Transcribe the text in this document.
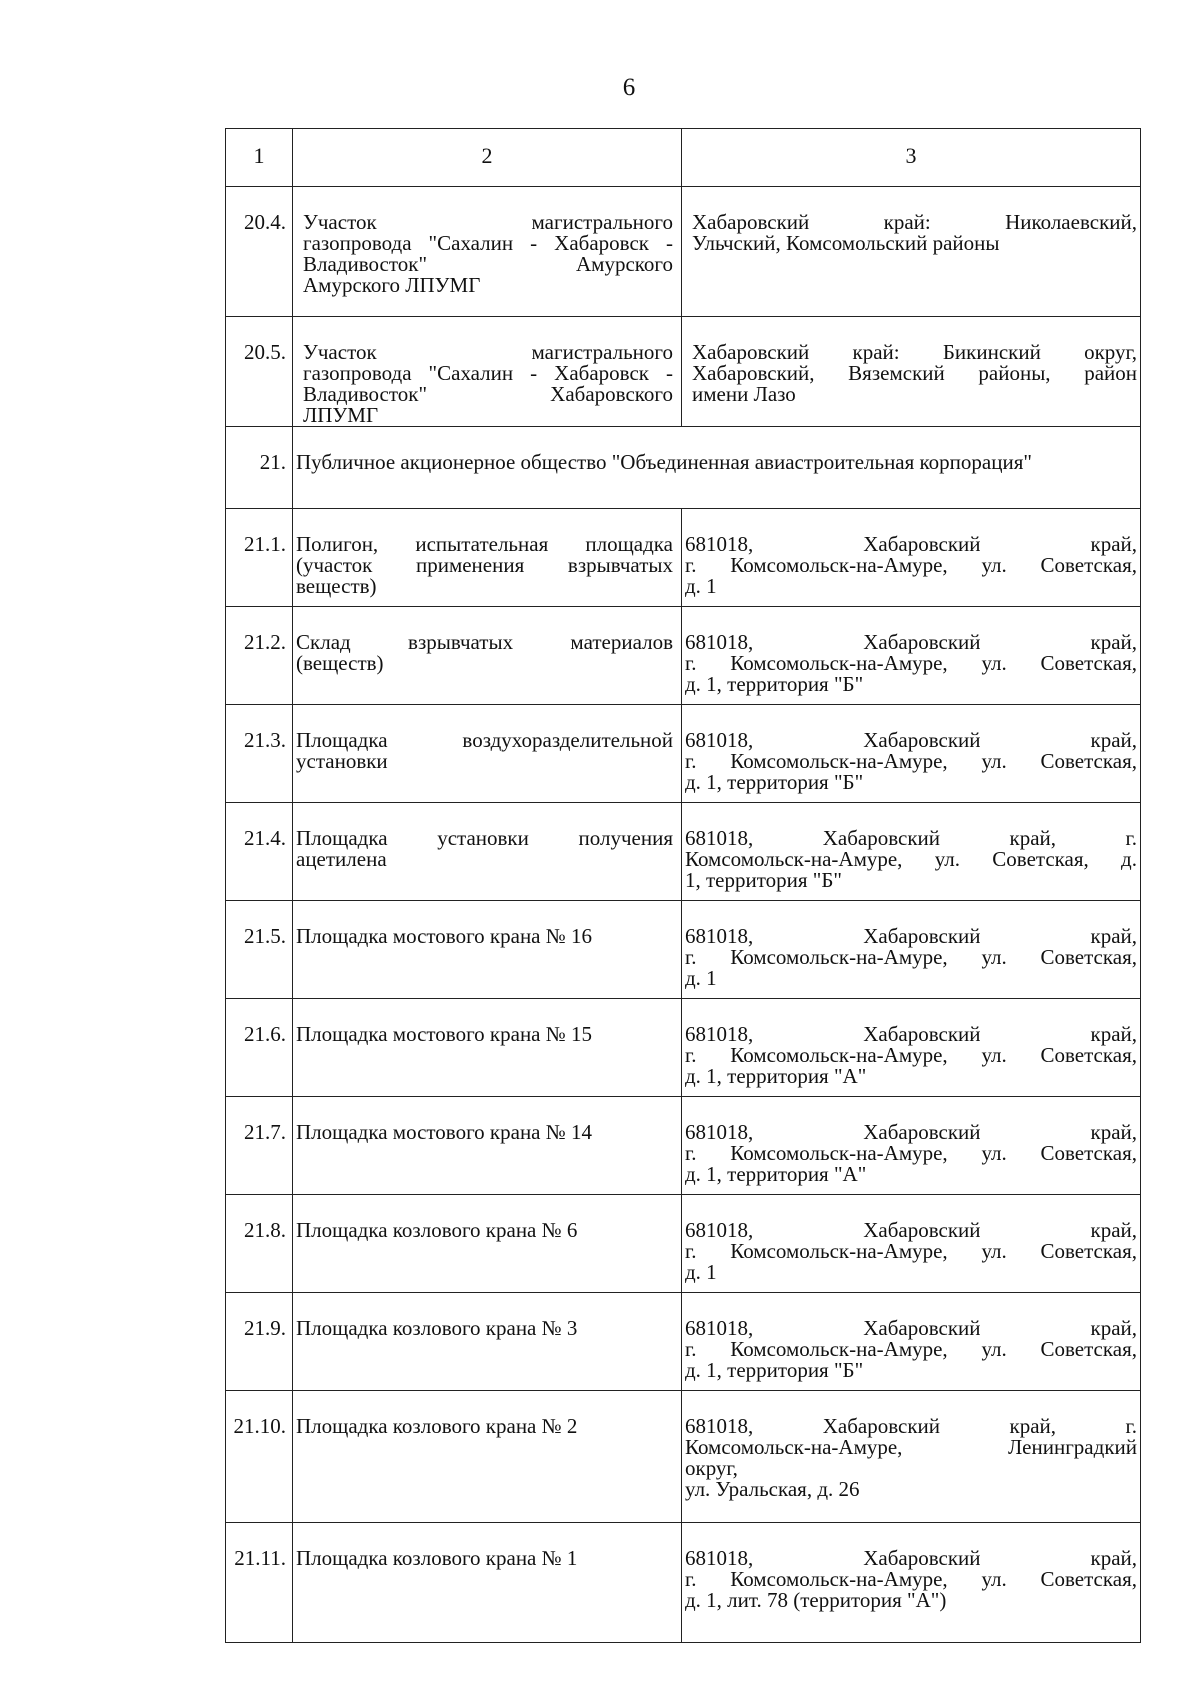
6
1	2	3
20.4.	Участок магистрального
газопровода "Сахалин - Хабаровск -
Владивосток" Амурского
Амурского ЛПУМГ	Хабаровский край: Николаевский,
Ульчский, Комсомольский районы

20.5.	Участок магистрального
газопровода "Сахалин - Хабаровск -
Владивосток" Хабаровского
ЛПУМГ	Хабаровский край: Бикинский округ,
Хабаровский, Вяземский районы, район
имени Лазо

21.	Публичное акционерное общество "Объединенная авиастроительная корпорация"	
21.1.	Полигон, испытательная площадка
(участок применения взрывчатых
веществ)	681018, Хабаровский край,
г. Комсомольск-на-Амуре, ул. Советская,
д. 1

21.2.	Склад взрывчатых материалов
(веществ)	681018, Хабаровский край,
г. Комсомольск-на-Амуре, ул. Советская,
д. 1, территория "Б"

21.3.	Площадка воздухоразделительной
установки	681018, Хабаровский край,
г. Комсомольск-на-Амуре, ул. Советская,
д. 1, территория "Б"

21.4.	Площадка установки получения
ацетилена	681018, Хабаровский край, г.
Комсомольск-на-Амуре, ул. Советская, д.
1, территория "Б"

21.5.	Площадка мостового крана № 16	681018, Хабаровский край,
г. Комсомольск-на-Амуре, ул. Советская,
д. 1

21.6.	Площадка мостового крана № 15	681018, Хабаровский край,
г. Комсомольск-на-Амуре, ул. Советская,
д. 1, территория "А"

21.7.	Площадка мостового крана № 14	681018, Хабаровский край,
г. Комсомольск-на-Амуре, ул. Советская,
д. 1, территория "А"

21.8.	Площадка козлового крана № 6	681018, Хабаровский край,
г. Комсомольск-на-Амуре, ул. Советская,
д. 1

21.9.	Площадка козлового крана № 3	681018, Хабаровский край,
г. Комсомольск-на-Амуре, ул. Советская,
д. 1, территория "Б"

21.10.	Площадка козлового крана № 2	681018, Хабаровский край, г.
Комсомольск-на-Амуре, Ленинградкий
округ,
ул. Уральская, д. 26

21.11.	Площадка козлового крана № 1	681018, Хабаровский край,
г. Комсомольск-на-Амуре, ул. Советская,
д. 1, лит. 78 (территория "А")
